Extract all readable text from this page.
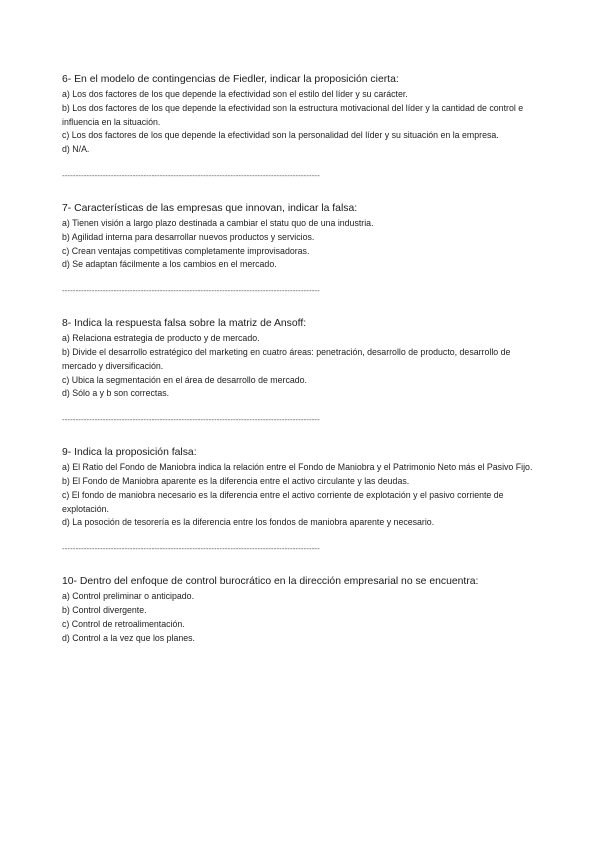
6- En el modelo de contingencias de Fiedler, indicar la proposición cierta:

a) Los dos factores de los que depende la efectividad son el estilo del líder y su carácter.

b) Los dos factores de los que depende la efectividad son la estructura motivacional del líder y la cantidad de control e influencia en la situación.

c) Los dos factores de los que depende la efectividad son la personalidad del líder y su situación en la empresa.

d) N/A.

-----------------------------------------------------------------------------------------------

7- Características de las empresas que innovan, indicar la falsa:

a) Tienen visión a largo plazo destinada a cambiar el statu quo de una industria.

b) Agilidad interna para desarrollar nuevos productos y servicios.

c) Crean ventajas competitivas completamente improvisadoras.

d) Se adaptan fácilmente a los cambios en el mercado.

-----------------------------------------------------------------------------------------------

8- Indica la respuesta falsa sobre la matriz de Ansoff:

a) Relaciona estrategia de producto y de mercado.

b) Divide el desarrollo estratégico del marketing en cuatro áreas: penetración, desarrollo de producto, desarrollo de mercado y diversificación.

c) Ubica la segmentación en el área de desarrollo de mercado.

d) Sólo a y b son correctas.

-----------------------------------------------------------------------------------------------

9- Indica la proposición falsa:

a) El Ratio del Fondo de Maniobra indica la relación entre el Fondo de Maniobra y el Patrimonio Neto más el Pasivo Fijo.

b) El Fondo de Maniobra aparente es la diferencia entre el activo circulante y las deudas.

c) El fondo de maniobra necesario es la diferencia entre el activo corriente de explotación y el pasivo corriente de explotación.

d) La posoción de tesorería es la diferencia entre los fondos de maniobra aparente y necesario.

-----------------------------------------------------------------------------------------------

10- Dentro del enfoque de control burocrático en la dirección empresarial no se encuentra:

a) Control preliminar o anticipado.

b) Control divergente.

c) Control de retroalimentación.

d) Control a la vez que los planes.
